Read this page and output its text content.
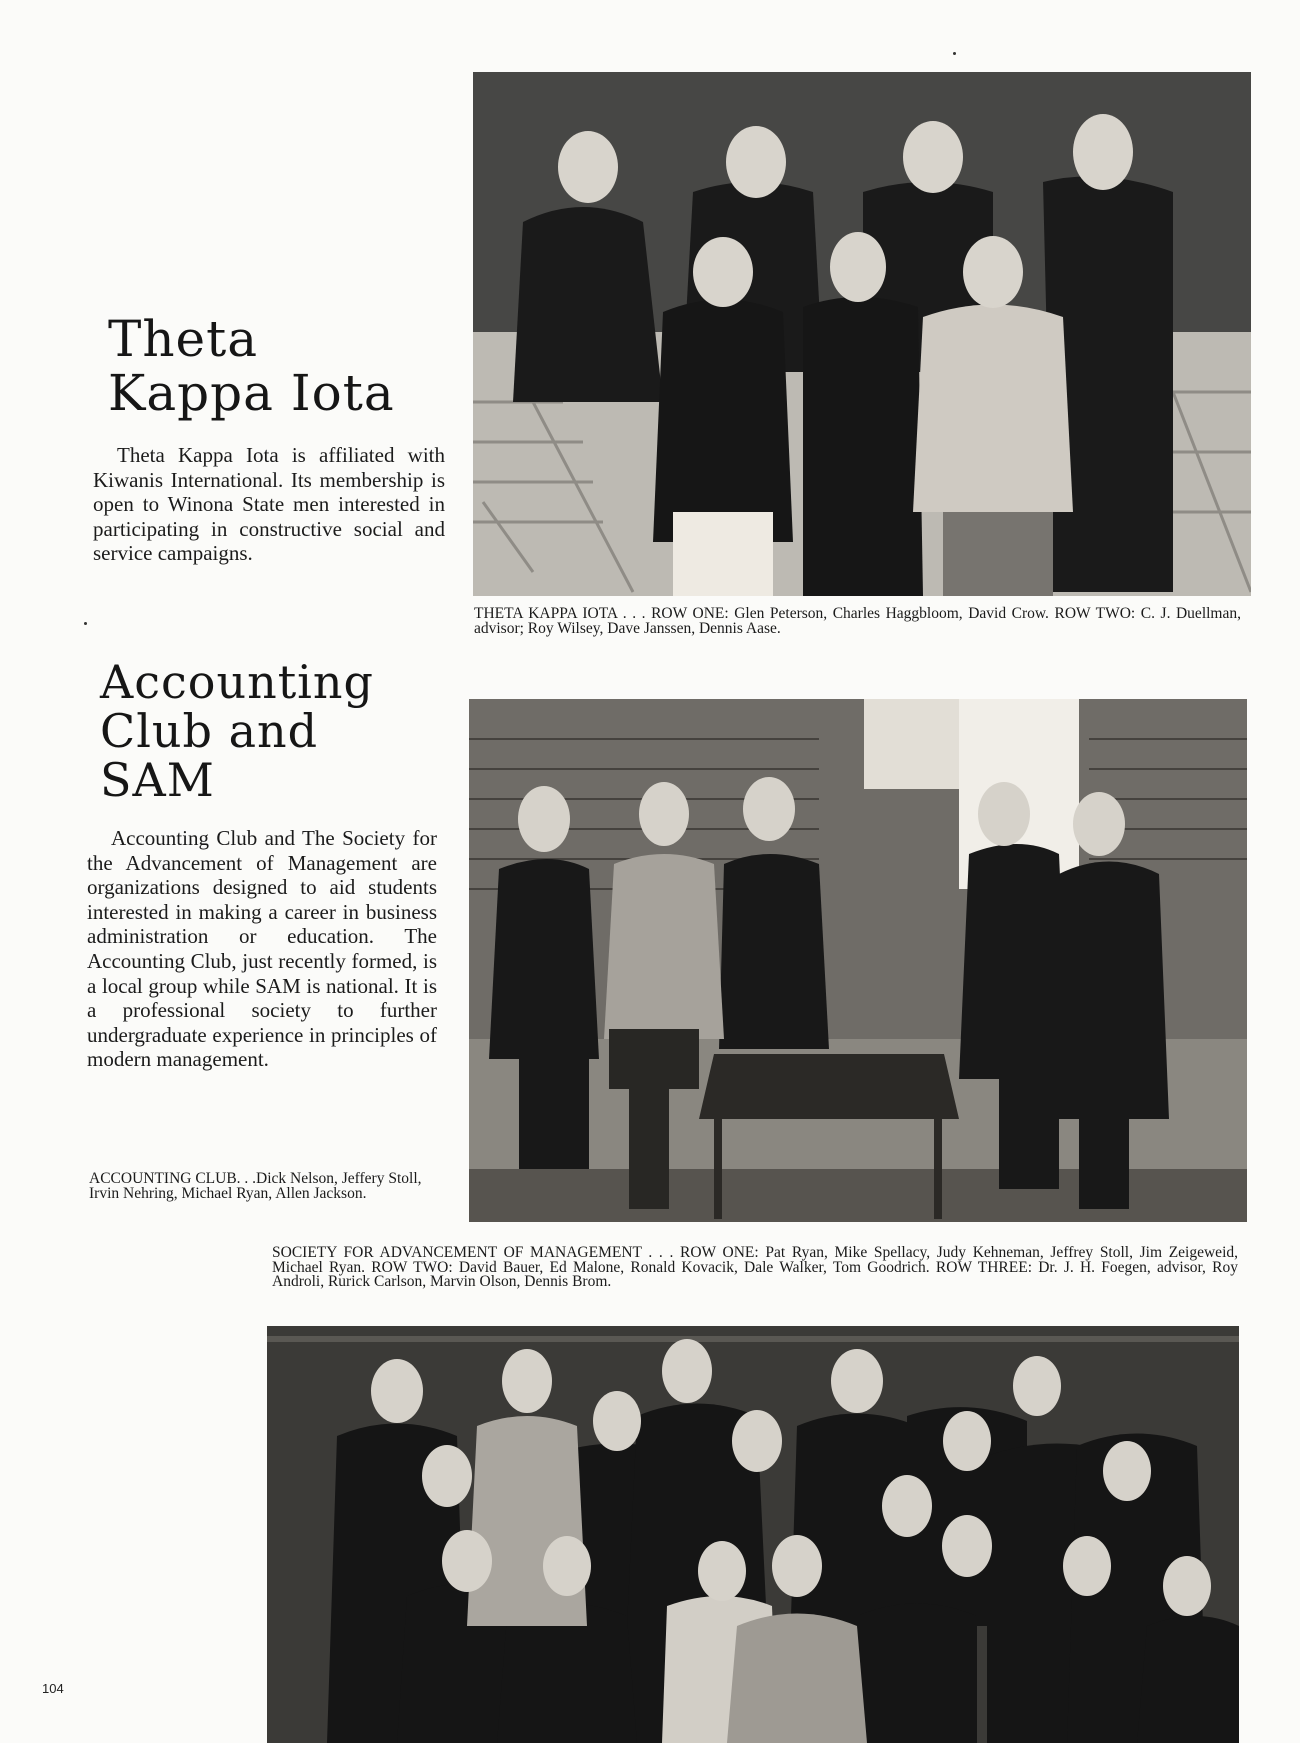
Theta
Kappa Iota

Theta Kappa Iota is affiliated with Kiwanis International. Its membership is open to Winona State men interested in participating in constructive social and service campaigns.

THETA KAPPA IOTA . . . ROW ONE: Glen Peterson, Charles Haggbloom, David Crow. ROW TWO: C. J. Duellman, advisor; Roy Wilsey, Dave Janssen, Dennis Aase.

Accounting
Club and
SAM

Accounting Club and The Society for the Advancement of Management are organizations designed to aid students interested in making a career in business administration or education. The Accounting Club, just recently formed, is a local group while SAM is national. It is a professional society to further undergraduate experience in principles of modern management.

ACCOUNTING CLUB. . .Dick Nelson, Jeffery Stoll, Irvin Nehring, Michael Ryan, Allen Jackson.

SOCIETY FOR ADVANCEMENT OF MANAGEMENT . . . ROW ONE: Pat Ryan, Mike Spellacy, Judy Kehneman, Jeffrey Stoll, Jim Zeigeweid, Michael Ryan. ROW TWO: David Bauer, Ed Malone, Ronald Kovacik, Dale Walker, Tom Goodrich. ROW THREE: Dr. J. H. Foegen, advisor, Roy Androli, Rurick Carlson, Marvin Olson, Dennis Brom.

104
